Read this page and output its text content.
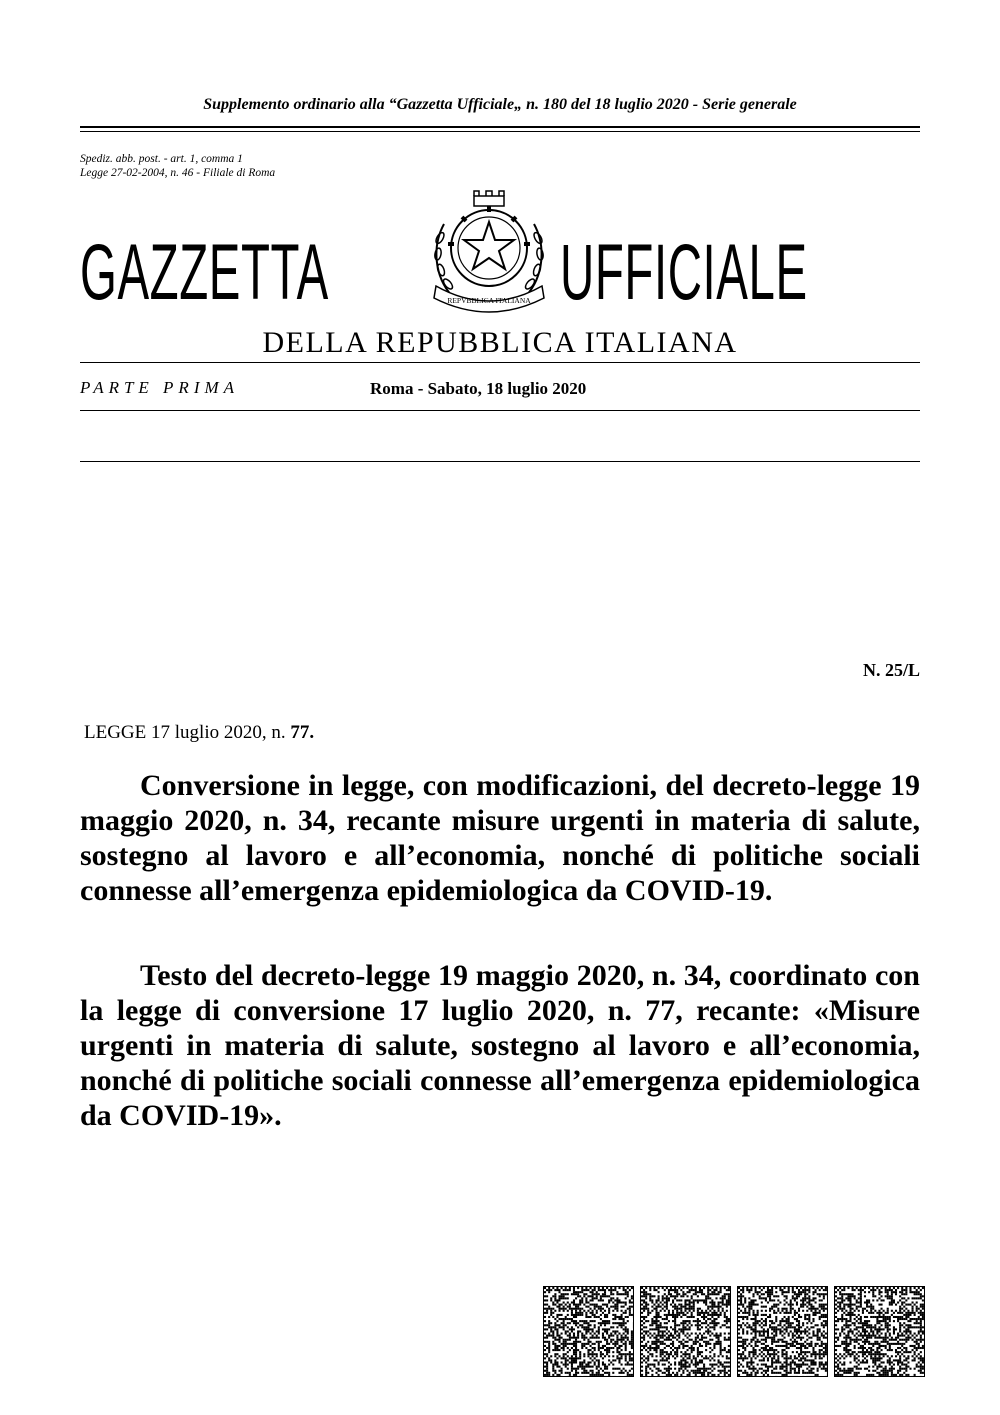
Supplemento ordinario alla “Gazzetta Ufficiale„ n. 180 del 18 luglio 2020 - Serie generale
Spediz. abb. post. - art. 1, comma 1
Legge 27-02-2004, n. 46 - Filiale di Roma
GAZZETTA	REPVBBLICA ITALIANA UFFICIALE
DELLA REPUBBLICA ITALIANA
PARTE PRIMA	Roma - Sabato, 18 luglio 2020
N. 25/L
LEGGE 17 luglio 2020, n. 77.
Conversione in legge, con modificazioni, del decreto-legge 19 maggio 2020, n. 34, recante misure urgenti in materia di salute, sostegno al lavoro e all’economia, nonché di politiche sociali connesse all’emergenza epidemiologica da COVID-19.
Testo del decreto-legge 19 maggio 2020, n. 34, coordinato con la legge di conversione 17 luglio 2020, n. 77, recante: «Misure urgenti in materia di salute, sostegno al lavoro e all’economia, nonché di politiche sociali connesse all’emergenza epidemiologica da COVID-19».
